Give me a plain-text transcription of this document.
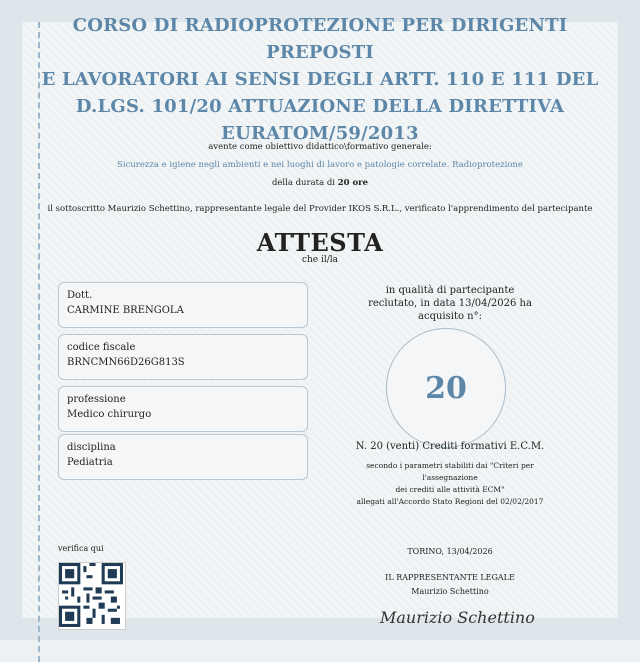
CORSO DI RADIOPROTEZIONE PER DIRIGENTI PREPOSTI
E LAVORATORI AI SENSI DEGLI ARTT. 110 E 111 DEL
D.LGS. 101/20 ATTUAZIONE DELLA DIRETTIVA
EURATOM/59/2013
avente come obiettivo didattico\formativo generale:
Sicurezza e igiene negli ambienti e nei luoghi di lavoro e patologie correlate. Radioprotezione
della durata di 20 ore
il sottoscritto Maurizio Schettino, rappresentante legale del Provider IKOS S.R.L., verificato l'apprendimento del partecipante
ATTESTA
che il/la
Dott.
CARMINE BRENGOLA
codice fiscale
BRNCMN66D26G813S
professione
Medico chirurgo
disciplina
Pediatria
in qualità di partecipante
reclutato, in data 13/04/2026 ha
acquisito n°:
20
N. 20 (venti) Crediti formativi E.C.M.
secondo i parametri stabiliti dai "Criteri per
l'assegnazione
dei crediti alle attività ECM"
allegati all'Accordo Stato Regioni del 02/02/2017
verifica qui	TORINO, 13/04/2026
IL RAPPRESENTANTE LEGALE
Maurizio Schettino
Maurizio Schettino
